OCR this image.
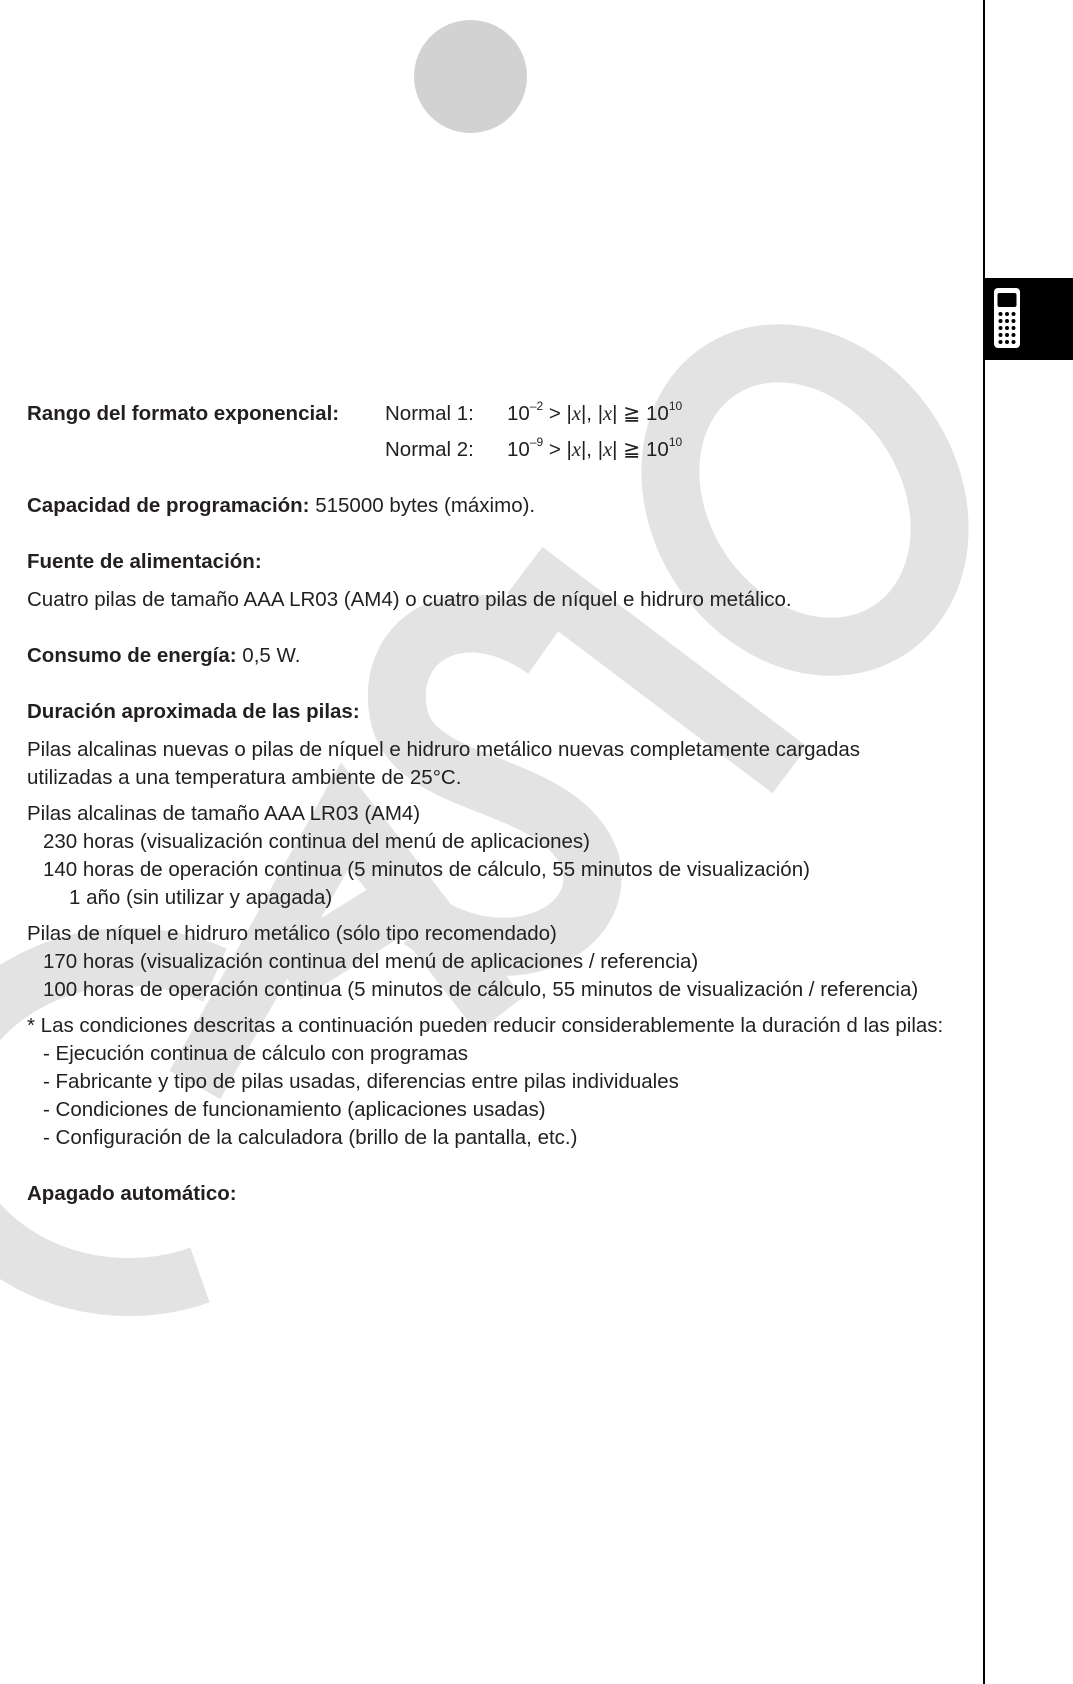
Rango del formato exponencial:	Normal 1:	$10^{-2} > |x|$, |x| ≧ $10^{10}$
Normal 2:	$10^{-9} > |x|$, |x| ≧ $10^{10}$

Capacidad de programación: 515000 bytes (máximo).

Fuente de alimentación:

Cuatro pilas de tamaño AAA LR03 (AM4) o cuatro pilas de níquel e hidruro metálico.

Consumo de energía: 0,5 W.

Duración aproximada de las pilas:

Pilas alcalinas nuevas o pilas de níquel e hidruro metálico nuevas completamente cargadas

utilizadas a una temperatura ambiente de 25°C.

Pilas alcalinas de tamaño AAA LR03 (AM4)

230 horas (visualización continua del menú de aplicaciones)

140 horas de operación continua (5 minutos de cálculo, 55 minutos de visualización)

1 año (sin utilizar y apagada)

Pilas de níquel e hidruro metálico (sólo tipo recomendado)

170 horas (visualización continua del menú de aplicaciones / referencia)

100 horas de operación continua (5 minutos de cálculo, 55 minutos de visualización / referencia)

* Las condiciones descritas a continuación pueden reducir considerablemente la duración d las pilas:

- Ejecución continua de cálculo con programas

- Fabricante y tipo de pilas usadas, diferencias entre pilas individuales

- Condiciones de funcionamiento (aplicaciones usadas)

- Configuración de la calculadora (brillo de la pantalla, etc.)

Apagado automático:
